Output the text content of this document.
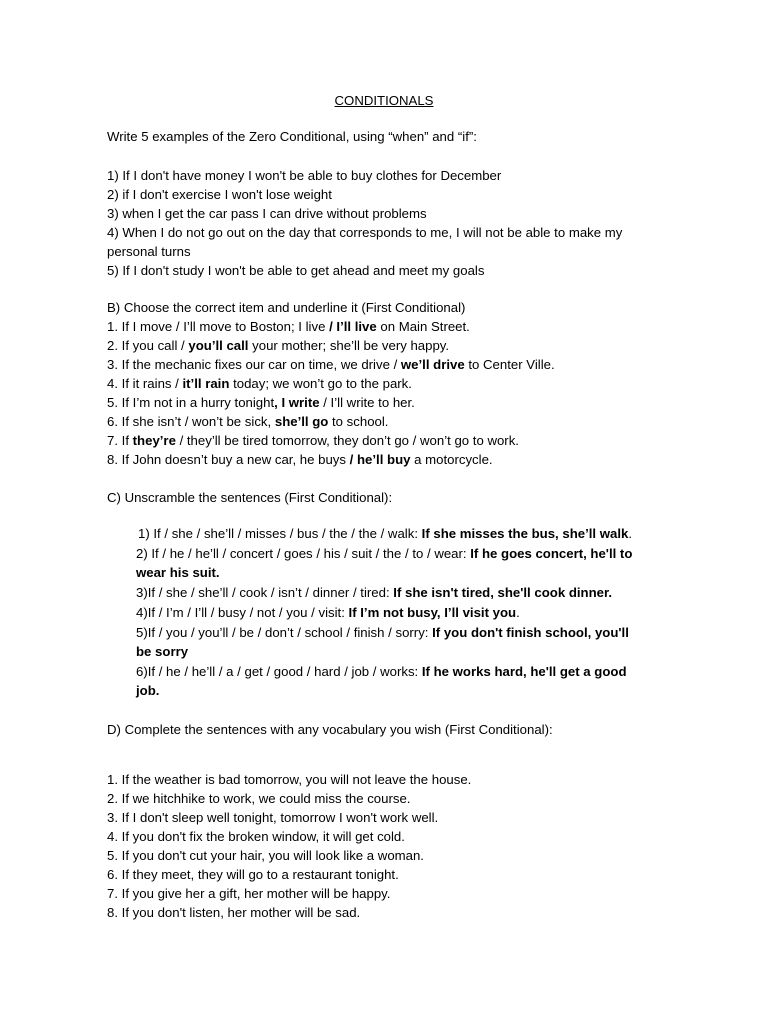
CONDITIONALS
Write 5 examples of the Zero Conditional, using “when” and “if”:
1) If I don't have money I won't be able to buy clothes for December
2) if I don't exercise I won't lose weight
3) when I get the car pass I can drive without problems
4) When I do not go out on the day that corresponds to me, I will not be able to make my
personal turns
5) If I don't study I won't be able to get ahead and meet my goals
B) Choose the correct item and underline it (First Conditional)
1. If I move / I’ll move to Boston; I live / I’ll live on Main Street.
2. If you call / you’ll call your mother; she’ll be very happy.
3. If the mechanic fixes our car on time, we drive / we’ll drive to Center Ville.
4. If it rains / it’ll rain today; we won’t go to the park.
5. If I’m not in a hurry tonight, I write / I’ll write to her.
6. If she isn’t / won’t be sick, she’ll go to school.
7. If they’re / they’ll be tired tomorrow, they don’t go / won’t go to work.
8. If John doesn’t buy a new car, he buys / he’ll buy a motorcycle.
C) Unscramble the sentences (First Conditional):
1) If / she / she’ll / misses / bus / the / the / walk: If she misses the bus, she’ll walk.
2) If / he / he’ll / concert / goes / his / suit / the / to / wear: If he goes concert, he'll to
wear his suit.
3)If / she / she’ll / cook / isn’t / dinner / tired: If she isn't tired, she'll cook dinner.
4)If / I’m / I’ll / busy / not / you / visit: If I’m not busy, I’ll visit you.
5)If / you / you’ll / be / don’t / school / finish / sorry: If you don't finish school, you'll
be sorry
6)If / he / he’ll / a / get / good / hard / job / works: If he works hard, he'll get a good
job.
D) Complete the sentences with any vocabulary you wish (First Conditional):
1. If the weather is bad tomorrow, you will not leave the house.
2. If we hitchhike to work, we could miss the course.
3. If I don't sleep well tonight, tomorrow I won't work well.
4. If you don't fix the broken window, it will get cold.
5. If you don't cut your hair, you will look like a woman.
6. If they meet, they will go to a restaurant tonight.
7. If you give her a gift, her mother will be happy.
8. If you don't listen, her mother will be sad.
